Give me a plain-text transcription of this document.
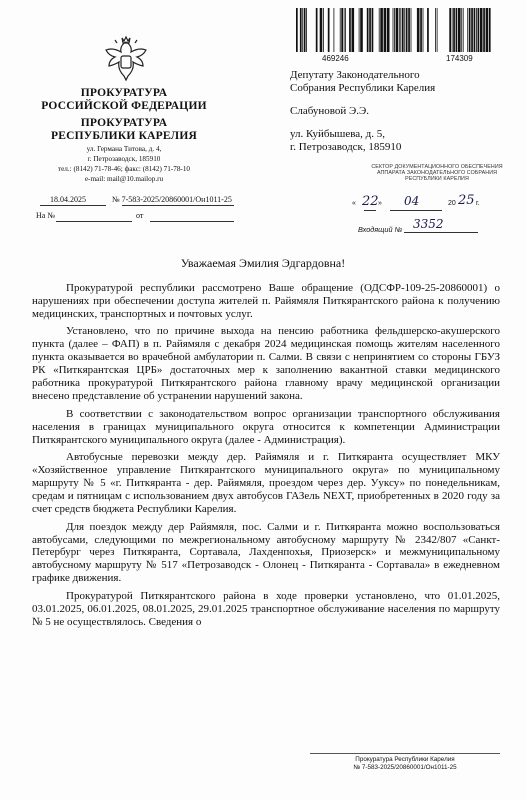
ПРОКУРАТУРА
РОССИЙСКОЙ ФЕДЕРАЦИИ
ПРОКУРАТУРА
РЕСПУБЛИКИ КАРЕЛИЯ
ул. Германа Титова, д. 4,
г. Петрозаводск, 185910
тел.: (8142) 71-78-46; факс: (8142) 71-78-10
e-mail: mail@10.mailop.ru
18.04.2025	№ 7-583-2025/20860001/Он1011-25
На №	от
469246	174309
Депутату Законодательного
Собрания Республики Карелия
Слабуновой Э.Э.
ул. Куйбышева, д. 5,
г. Петрозаводск, 185910
СЕКТОР ДОКУМЕНТАЦИОННОГО ОБЕСПЕЧЕНИЯ
АППАРАТА ЗАКОНОДАТЕЛЬНОГО СОБРАНИЯ
РЕСПУБЛИКИ КАРЕЛИЯ
« 22 » 04	20 25 г.
Входящий № 3352
Уважаемая Эмилия Эдгардовна!

Прокуратурой республики рассмотрено Ваше обращение (ОДСФР-109-25-20860001) о нарушениях при обеспечении доступа жителей п. Райямяля Питкярантского района к получению медицинских, транспортных и почтовых услуг.

Установлено, что по причине выхода на пенсию работника фельдшерско-акушерского пункта (далее – ФАП) в п. Райямяля с декабря 2024 медицинская помощь жителям населенного пункта оказывается во врачебной амбулатории п. Салми. В связи с непринятием со стороны ГБУЗ РК «Питкярантская ЦРБ» достаточных мер к заполнению вакантной ставки медицинского работника прокуратурой Питкярантского района главному врачу медицинской организации внесено представление об устранении нарушений закона.

В соответствии с законодательством вопрос организации транспортного обслуживания населения в границах муниципального округа относится к компетенции Администрации Питкярантского муниципального округа (далее - Администрация).

Автобусные перевозки между дер. Райямяля и г. Питкяранта осуществляет МКУ «Хозяйственное управление Питкярантского муниципального округа» по муниципальному маршруту № 5 «г. Питкяранта - дер. Райямяля, проездом через дер. Ууксу» по понедельникам, средам и пятницам с использованием двух автобусов ГАЗель NEXT, приобретенных в 2020 году за счет средств бюджета Республики Карелия.

Для поездок между дер Райямяля, пос. Салми и г. Питкяранта можно воспользоваться автобусами, следующими по межрегиональному автобусному маршруту № 2342/807 «Санкт-Петербург через Питкяранта, Сортавала, Лахденпохья, Приозерск» и межмуниципальному автобусному маршруту № 517 «Петрозаводск - Олонец - Питкяранта - Сортавала» в ежедневном графике движения.

Прокуратурой Питкярантского района в ходе проверки установлено, что 01.01.2025, 03.01.2025, 06.01.2025, 08.01.2025, 29.01.2025 транспортное обслуживание населения по маршруту № 5 не осуществлялось. Сведения о

Прокуратура Республики Карелия
№ 7-583-2025/20860001/Он1011-25
